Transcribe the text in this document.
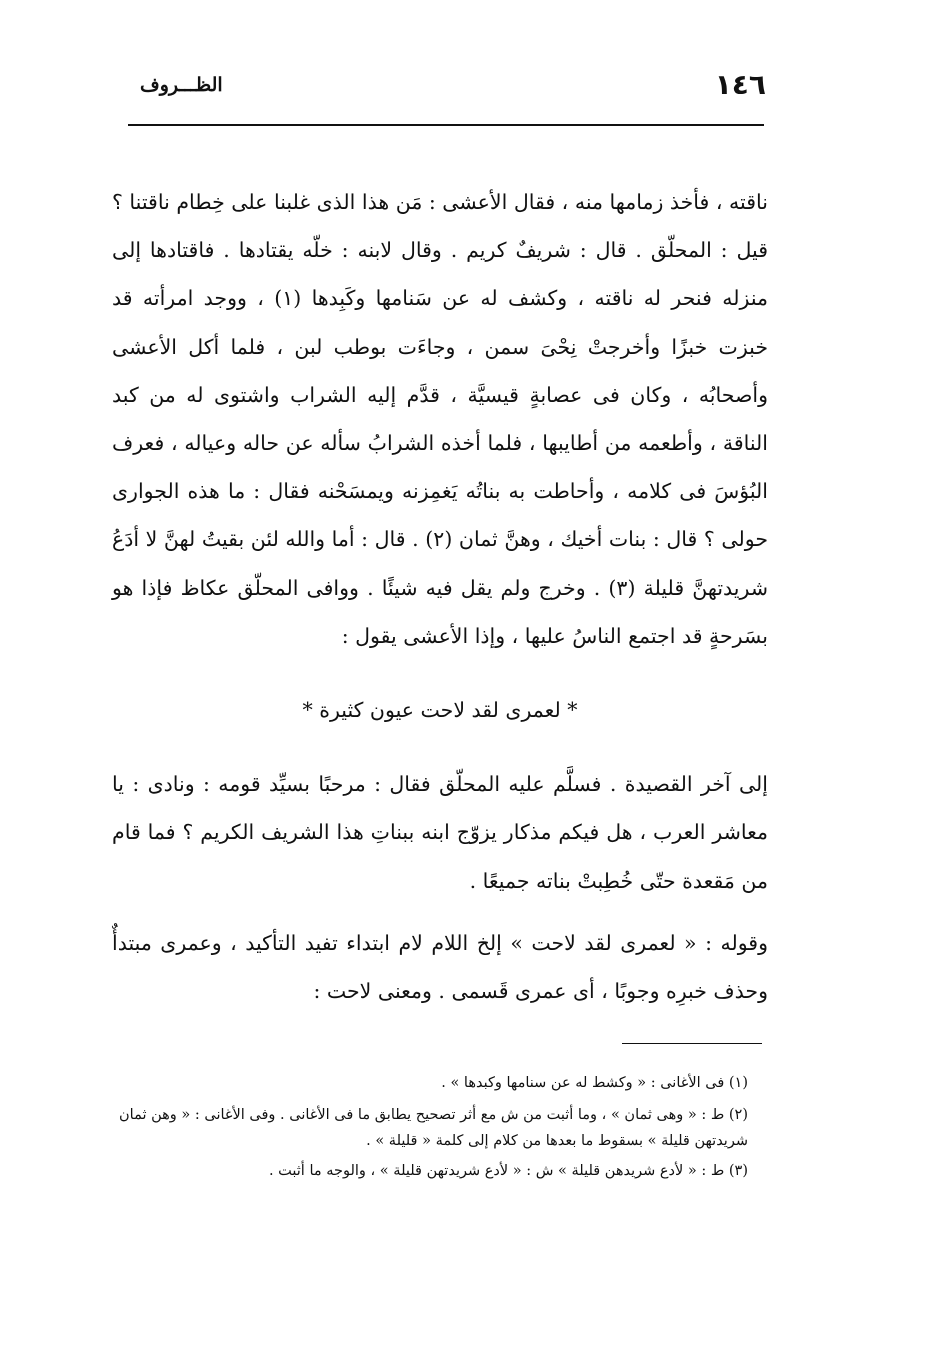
١٤٦
الظـــروف

ناقته ، فأخذ زمامها منه ، فقال الأعشى : مَن هذا الذى غلبنا على خِطام ناقتنا ؟ قيل : المحلّق . قال : شريفٌ كريم . وقال لابنه : خلّه يقتادها . فاقتادها إلى منزله فنحر له ناقته ، وكشف له عن سَنامها وكَبِدها (١) ، ووجد امرأته قد خبزت خبزًا وأخرجتْ نِحْىَ سمن ، وجاءَت بوطب لبن ، فلما أكل الأعشى وأصحابُه ، وكان فى عصابةٍ قيسيَّة ، قدَّم إليه الشراب واشتوى له من كبد الناقة ، وأطعمه من أطايبها ، فلما أخذه الشرابُ سأله عن حاله وعياله ، فعرف البُؤسَ فى كلامه ، وأحاطت به بناتُه يَغمِزنه ويمسَحْنه فقال : ما هذه الجوارى حولى ؟ قال : بنات أخيك ، وهنَّ ثمان (٢) . قال : أما والله لئن بقيتُ لهنَّ لا أدَعُ شريدتهنَّ قليلة (٣) . وخرج ولم يقل فيه شيئًا . ووافى المحلّق عكاظ فإذا هو بسَرحةٍ قد اجتمع الناسُ عليها ، وإذا الأعشى يقول :

* لعمرى لقد لاحت عيون كثيرة *

إلى آخر القصيدة . فسلَّم عليه المحلّق فقال : مرحبًا بسيِّد قومه : ونادى : يا معاشر العرب ، هل فيكم مذكار يزوّج ابنه ببناتِ هذا الشريف الكريم ؟ فما قام من مَقعدة حتّى خُطِبتْ بناته جميعًا .

وقوله : « لعمرى لقد لاحت » إلخ اللام لام ابتداء تفيد التأكيد ، وعمرى مبتدأٌ وحذف خبرِه وجوبًا ، أى عمرى قَسمى . ومعنى لاحت :

(١) فى الأغانى : « وكشط له عن سنامها وكبدها » .

(٢) ط : « وهى ثمان » ، وما أثبت من ش مع أثر تصحيح يطابق ما فى الأغانى . وفى الأغانى : « وهن ثمان شريدتهن قليلة » بسقوط ما بعدها من كلام إلى كلمة « قليلة » .

(٣) ط : « لأدع شريدهن قليلة » ش : « لأدع شريدتهن قليلة » ، والوجه ما أثبت .
